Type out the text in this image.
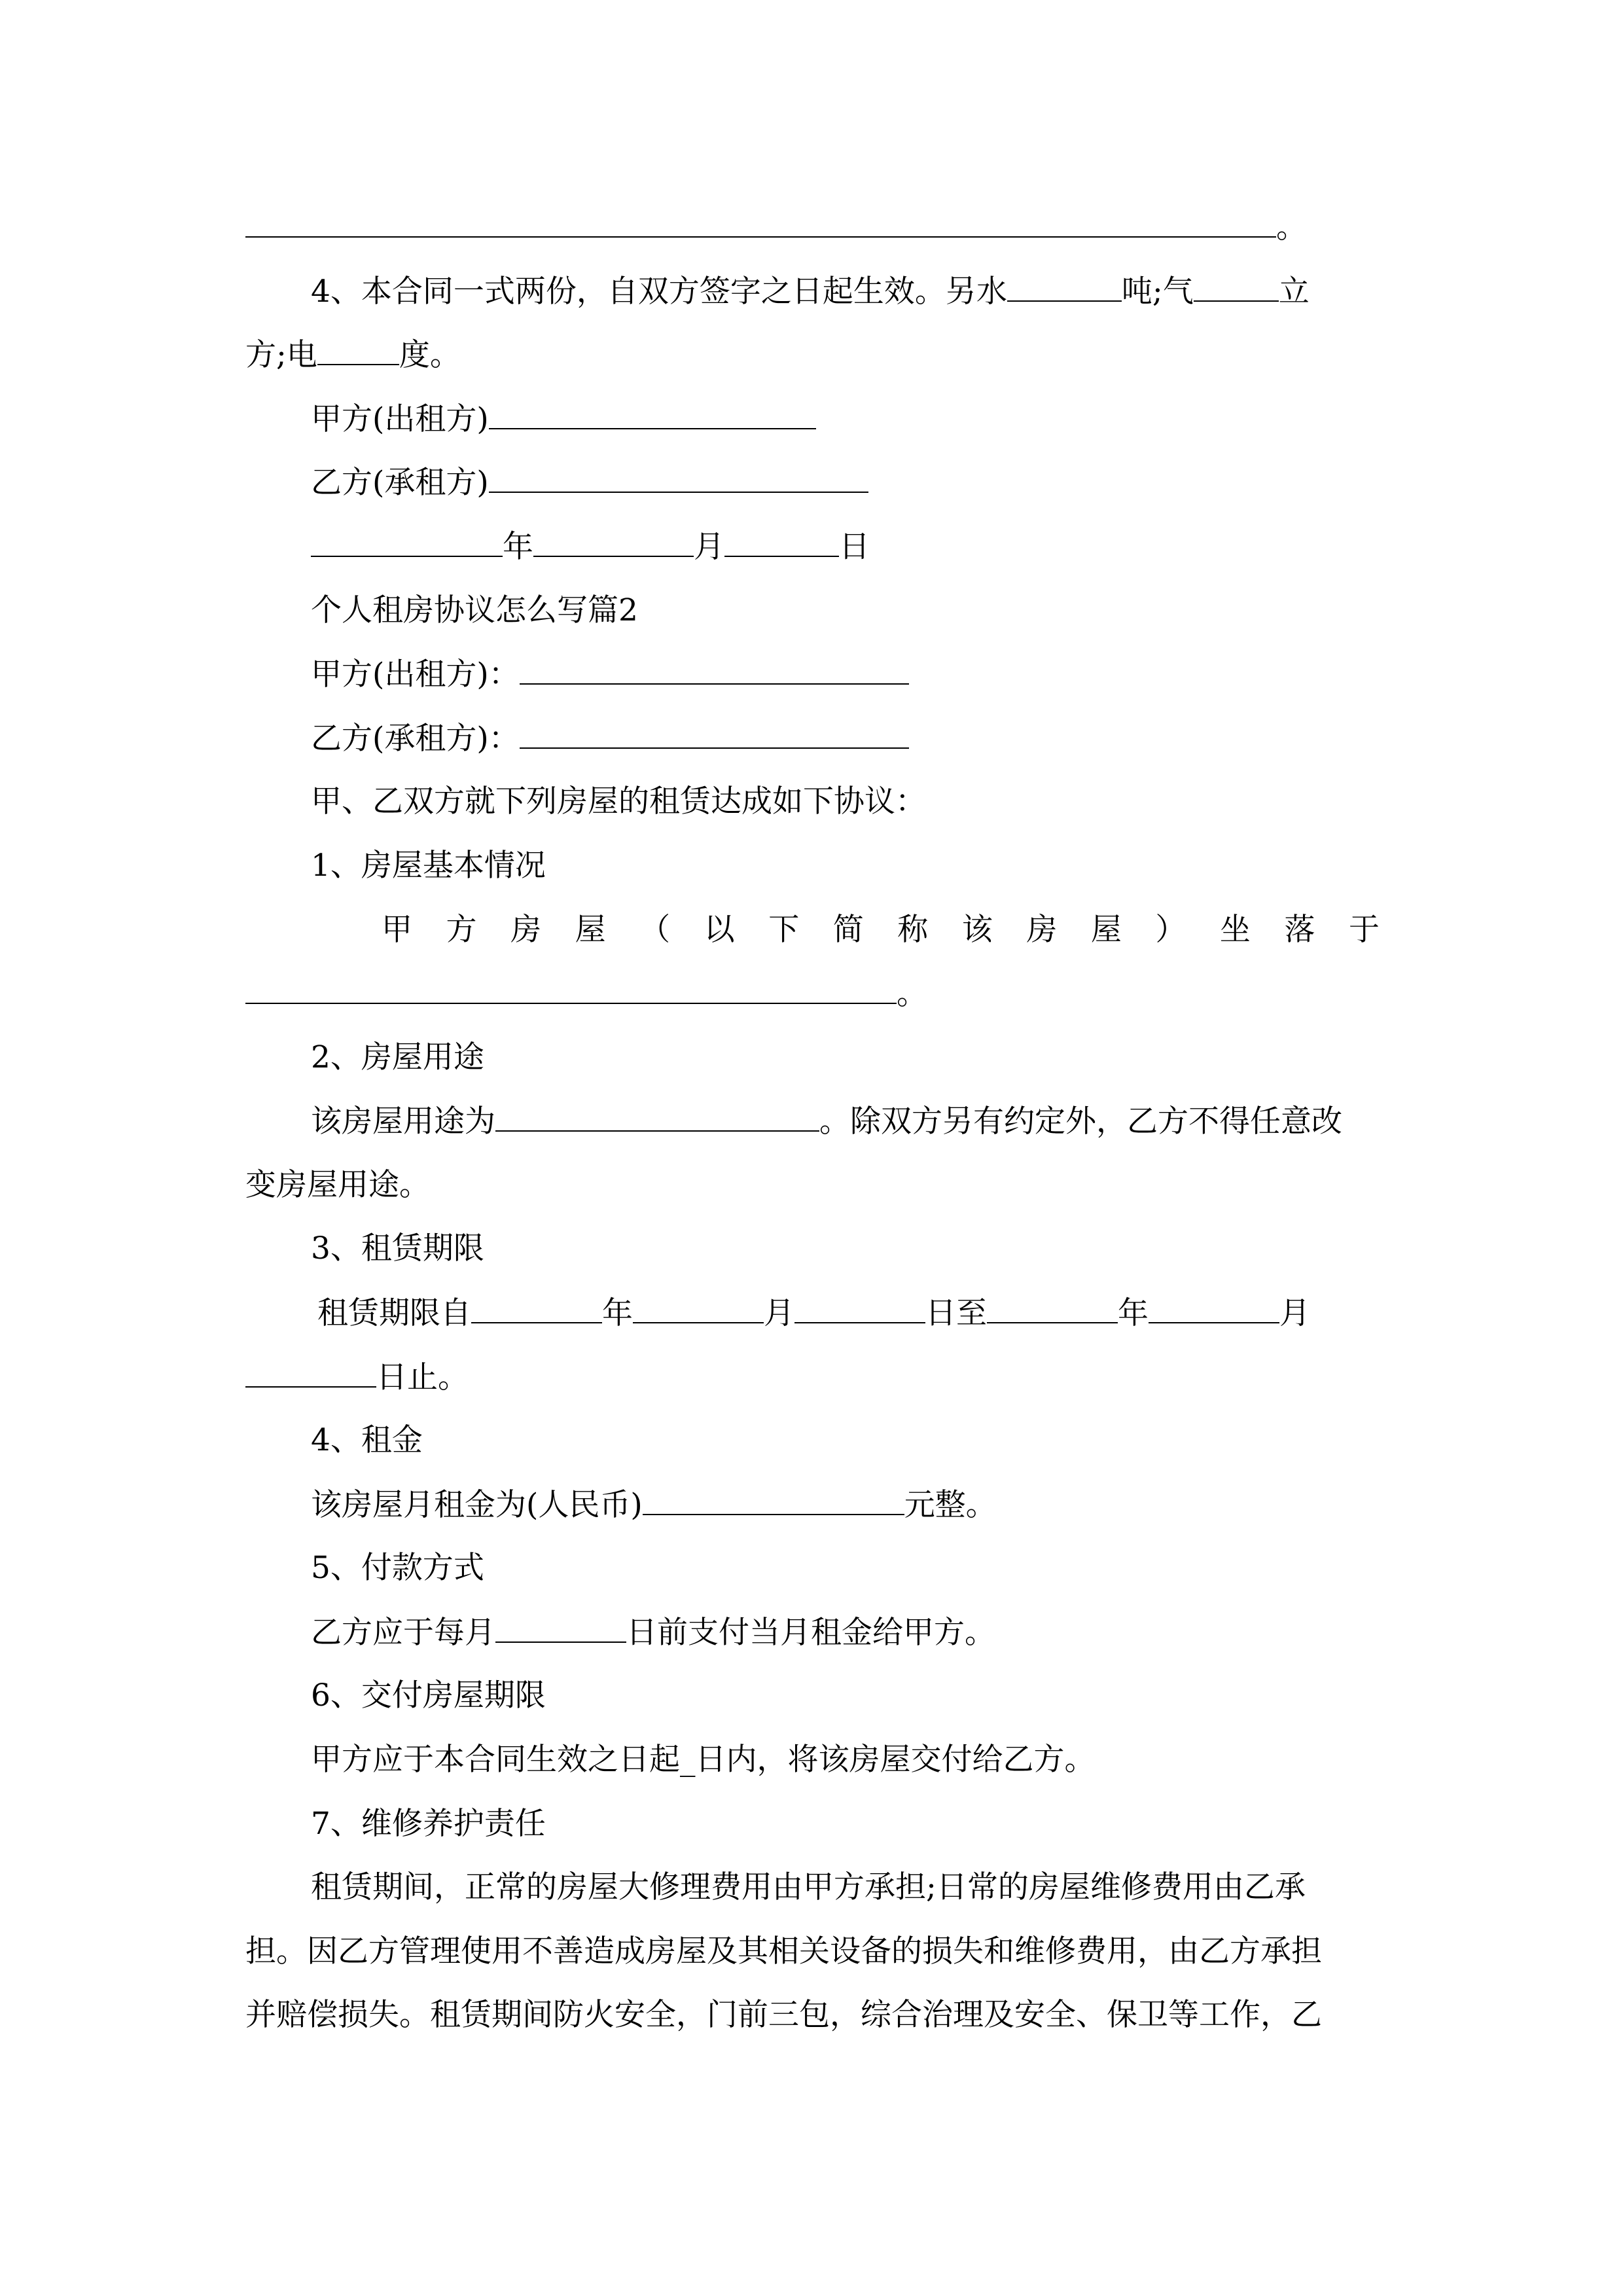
。
4、本合同一式两份，自双方签字之日起生效。另水	吨;气	立
方;电	度。
甲方(出租方)
乙方(承租方)
年	月	日
个人租房协议怎么写篇2
甲方(出租方)：
乙方(承租方)：
甲、乙双方就下列房屋的租赁达成如下协议：
1、房屋基本情况
甲 方 房 屋 （ 以 下 简 称 该 房 屋 ） 坐 落 于
。
2、房屋用途
该房屋用途为	。除双方另有约定外，乙方不得任意改
变房屋用途。
3、租赁期限
租赁期限自	年	月	日至	年	月
日止。
4、租金
该房屋月租金为(人民币)	元整。
5、付款方式
乙方应于每月	日前支付当月租金给甲方。
6、交付房屋期限
甲方应于本合同生效之日起_日内，将该房屋交付给乙方。
7、维修养护责任
租赁期间，正常的房屋大修理费用由甲方承担;日常的房屋维修费用由乙承
担。因乙方管理使用不善造成房屋及其相关设备的损失和维修费用，由乙方承担
并赔偿损失。租赁期间防火安全，门前三包，综合治理及安全、保卫等工作，乙
